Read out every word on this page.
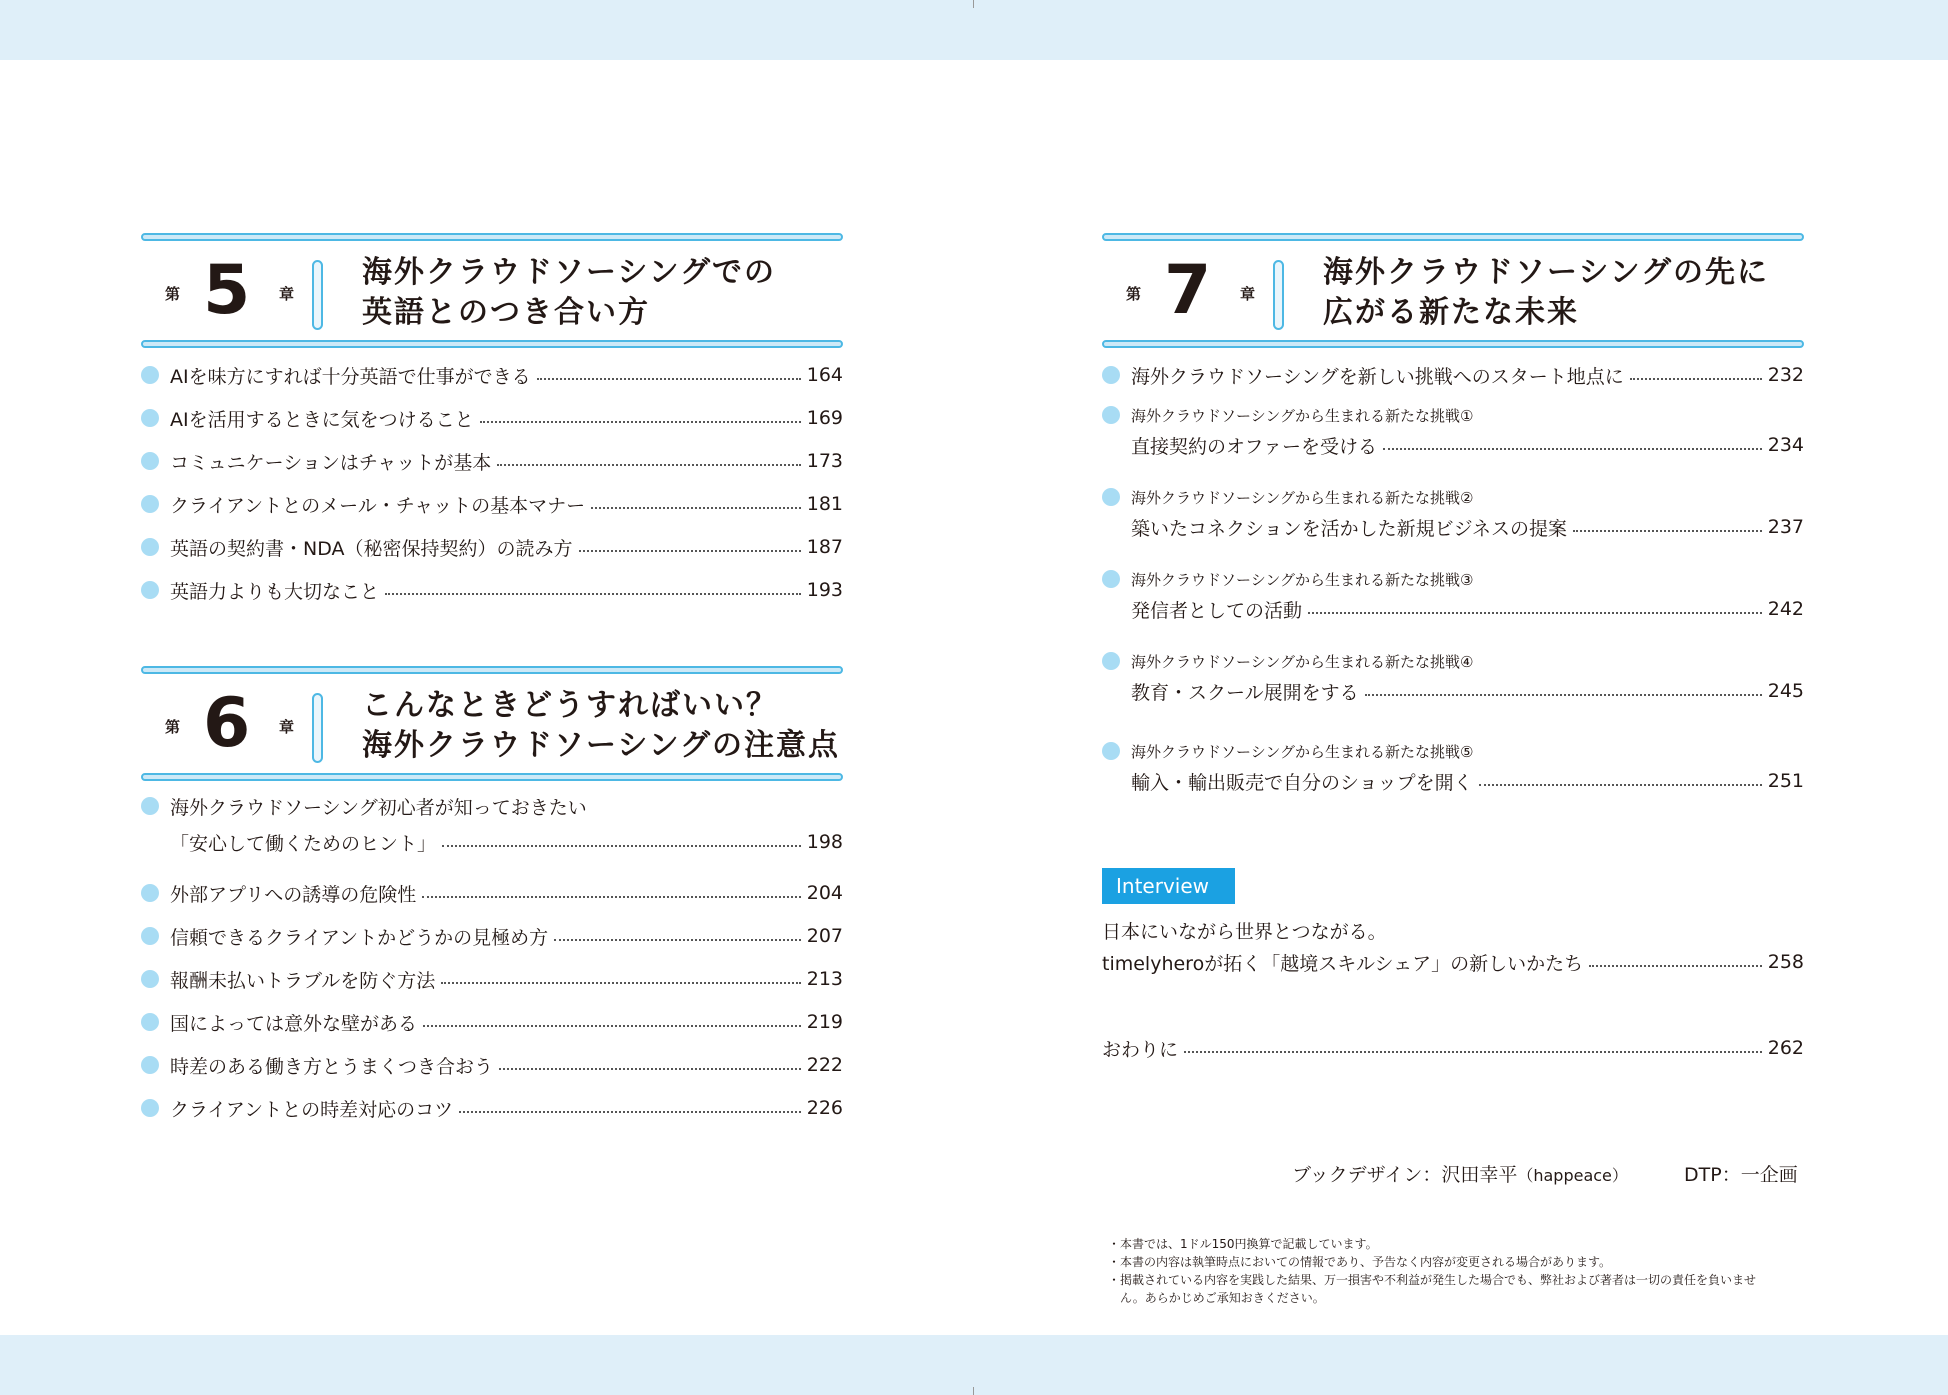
第 5 章
海外クラウドソーシングでの
英語とのつき合い方
AIを味方にすれば十分英語で仕事ができる	164
AIを活用するときに気をつけること	169
コミュニケーションはチャットが基本	173
クライアントとのメール・チャットの基本マナー	181
英語の契約書・NDA（秘密保持契約）の読み方	187
英語力よりも大切なこと	193
第 6 章
こんなときどうすればいい？
海外クラウドソーシングの注意点
海外クラウドソーシング初心者が知っておきたい
「安心して働くためのヒント」	198
外部アプリへの誘導の危険性	204
信頼できるクライアントかどうかの見極め方	207
報酬未払いトラブルを防ぐ方法	213
国によっては意外な壁がある	219
時差のある働き方とうまくつき合おう	222
クライアントとの時差対応のコツ	226
第 7 章
海外クラウドソーシングの先に
広がる新たな未来
海外クラウドソーシングを新しい挑戦へのスタート地点に	232
海外クラウドソーシングから生まれる新たな挑戦①
直接契約のオファーを受ける	234
海外クラウドソーシングから生まれる新たな挑戦②
築いたコネクションを活かした新規ビジネスの提案	237
海外クラウドソーシングから生まれる新たな挑戦③
発信者としての活動	242
海外クラウドソーシングから生まれる新たな挑戦④
教育・スクール展開をする	245
海外クラウドソーシングから生まれる新たな挑戦⑤
輸入・輸出販売で自分のショップを開く	251
Interview
日本にいながら世界とつながる。
timelyheroが拓く「越境スキルシェア」の新しいかたち	258
おわりに	262
ブックデザイン：沢田幸平（happeace）	DTP：一企画
・本書では、1ドル150円換算で記載しています。
・本書の内容は執筆時点においての情報であり、予告なく内容が変更される場合があります。
・掲載されている内容を実践した結果、万一損害や不利益が発生した場合でも、弊社および著者は一切の責任を負いませ
　ん。あらかじめご承知おきください。
